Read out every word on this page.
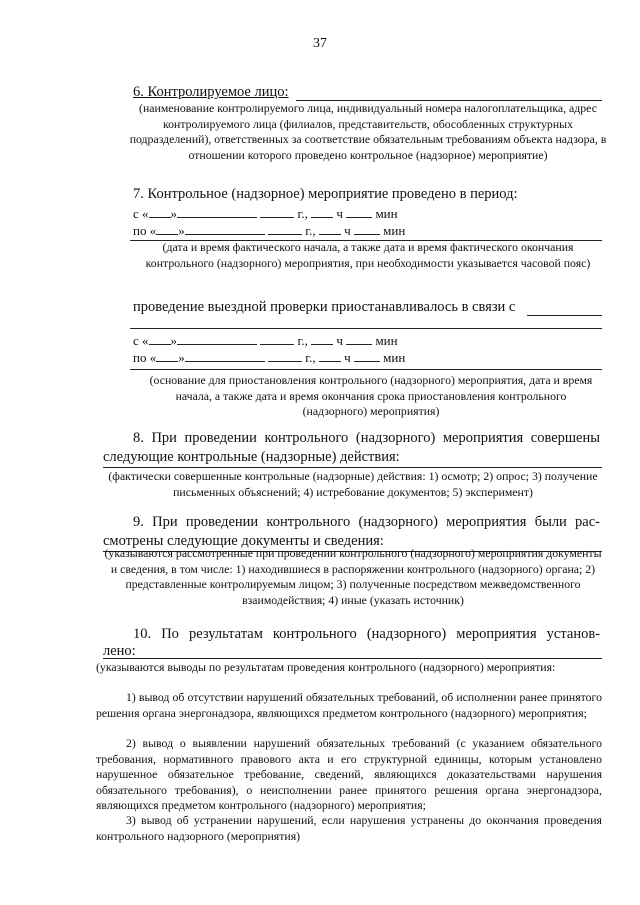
37
6. Контролируемое лицо:
(наименование контролируемого лица, индивидуальный номера налогоплательщика, адрес контролируемого лица (филиалов, представительств, обособленных структурных подразделений), ответственных за соответствие обязательным требованиям объекта надзора, в отношении которого проведено контрольное (надзорное) мероприятие)
7. Контрольное (надзорное) мероприятие проведено в период:
с « »	г., ч	мин
по « »	г., ч	мин
(дата и время фактического начала, а также дата и время фактического окончания контрольного (надзорного) мероприятия, при необходимости указывается часовой пояс)
проведение выездной проверки приостанавливалось в связи с
с « »	г., ч	мин
по « »	г., ч	мин
(основание для приостановления контрольного (надзорного) мероприятия, дата и время начала, а также дата и время окончания срока приостановления контрольного (надзорного) мероприятия)
8. При проведении контрольного (надзорного) мероприятия совершены
следующие контрольные (надзорные) действия:
(фактически совершенные контрольные (надзорные) действия: 1) осмотр; 2) опрос; 3) получение письменных объяснений; 4) истребование документов; 5) эксперимент)
9. При проведении контрольного (надзорного) мероприятия были рас-
смотрены следующие документы и сведения:
(указываются рассмотренные при проведении контрольного (надзорного) мероприятия документы и сведения, в том числе: 1) находившиеся в распоряжении контрольного (надзорного) органа; 2) представленные контролируемым лицом; 3) полученные посредством межведомственного взаимодействия; 4) иные (указать источник)
10. По результатам контрольного (надзорного) мероприятия установ-
лено:
(указываются выводы по результатам проведения контрольного (надзорного) мероприятия:
1) вывод об отсутствии нарушений обязательных требований, об исполнении ранее принятого решения органа энергонадзора, являющихся предметом контрольного (надзорного) мероприятия;
2) вывод о выявлении нарушений обязательных требований (с указанием обязательного требования, нормативного правового акта и его структурной единицы, которым установлено нарушенное обязательное требование, сведений, являющихся доказательствами нарушения обязательного требования), о неисполнении ранее принятого решения органа энергонадзора, являющихся предметом контрольного (надзорного) мероприятия;
3) вывод об устранении нарушений, если нарушения устранены до окончания проведения контрольного надзорного (мероприятия)
